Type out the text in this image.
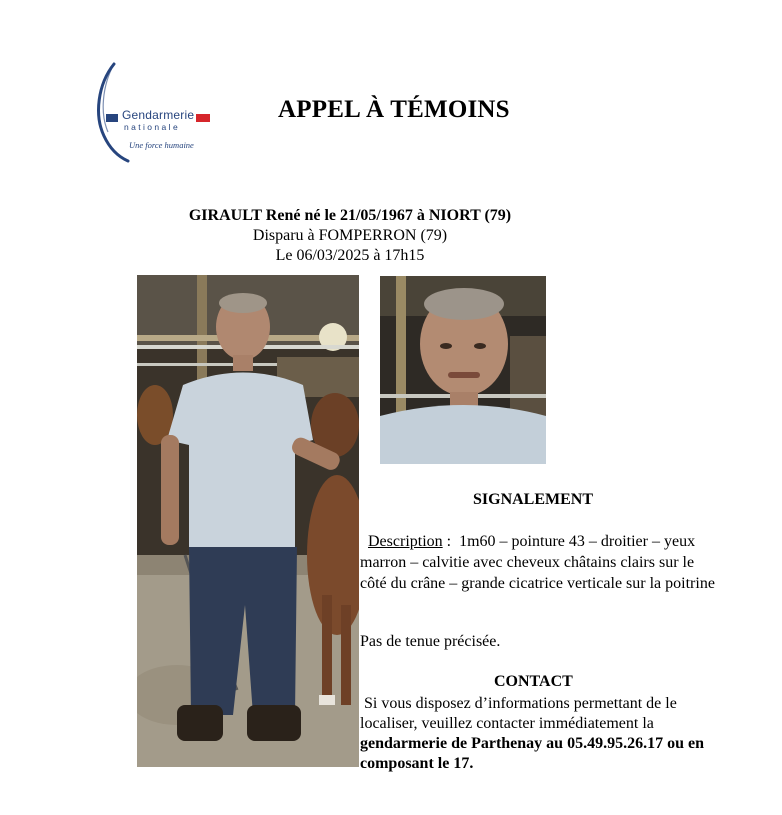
Gendarmerie
nationale
Une force humaine
APPEL À TÉMOINS
GIRAULT René né le 21/05/1967 à NIORT (79)
Disparu à FOMPERRON (79)
Le 06/03/2025 à 17h15
SIGNALEMENT
Description :  1m60 – pointure 43 – droitier – yeux marron – calvitie avec cheveux châtains clairs sur le côté du crâne – grande cicatrice verticale sur la poitrine
Pas de tenue précisée.
CONTACT
Si vous disposez d’informations permettant de le localiser, veuillez contacter immédiatement la gendarmerie de Parthenay au 05.49.95.26.17 ou en composant le 17.
